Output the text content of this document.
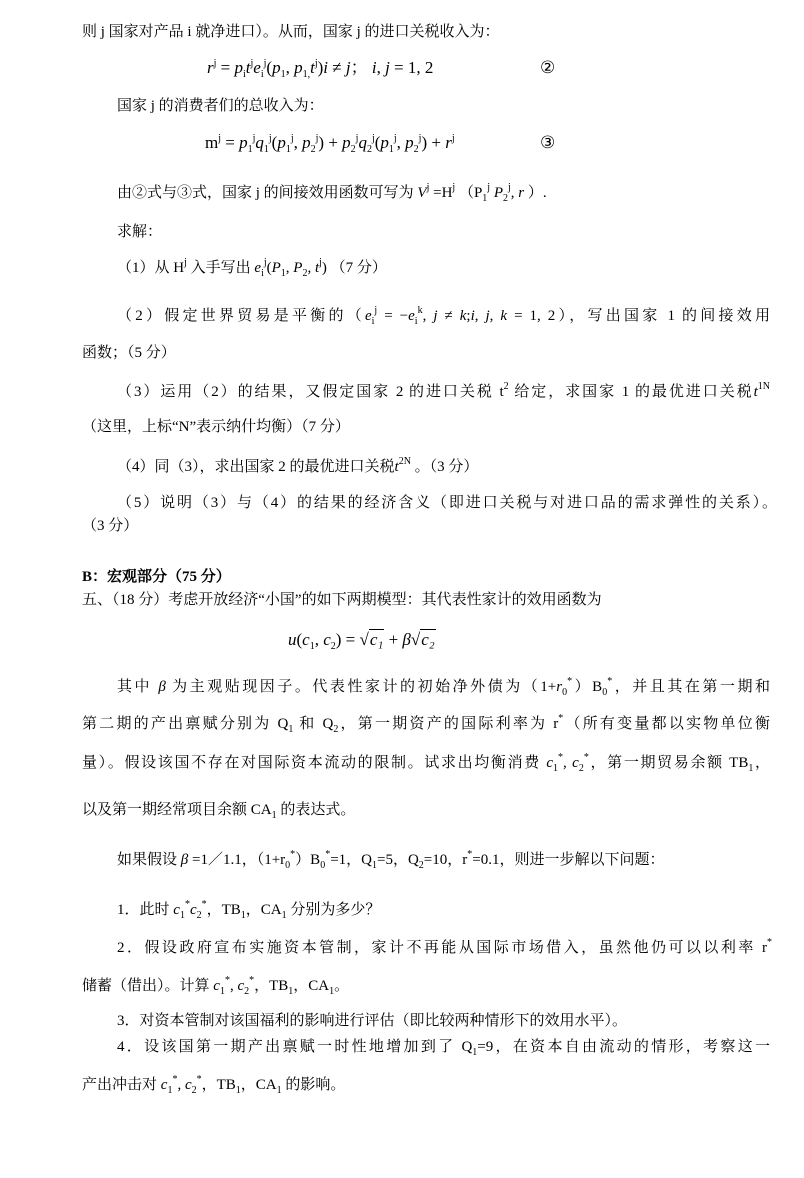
则 j 国家对产品 i 就净进口）。从而，国家 j 的进口关税收入为：
$r^j = p_it^je_i^j(p_1$, $p_{1,}t^j)i \ne j$； i, j = 1, 2	②
国家 j 的消费者们的总收入为：
$m^j = p_1^jq_1^j(p_1^j$, $p_2^j) + p_2^jq_2^j(p_1^j$, $p_2^j) + r^j$	③
由②式与③式，国家 j 的间接效用函数可写为 $V^j =H^j$ （$P_1^j$ $P_2^j$, r ）.
求解：
（1）从 $H^j$ 入手写出 $e_i^j(P_1$, $P_2$, $t^j$) （7 分）
（2）假定世界贸易是平衡的（$e_i^j = -e_i^k$, j ≠ k;i, j, k = 1, 2），写出国家 1 的间接效用
函数；（5 分）
（3）运用（2）的结果，又假定国家 2 的进口关税 $t^2$ 给定，求国家 1 的最优进口关税$t^{1N}$
（这里，上标“N”表示纳什均衡）（7 分）
（4）同（3），求出国家 2 的最优进口关税$t^{2N}$ 。（3 分）
（5）说明（3）与（4）的结果的经济含义（即进口关税与对进口品的需求弹性的关系）。
（3 分）
B：宏观部分（75 分）
五、（18 分）考虑开放经济“小国”的如下两期模型：其代表性家计的效用函数为
$u(c_1$, $c_2) = √c_1 + \beta√c_2$
其中 β 为主观贴现因子。代表性家计的初始净外债为$(1+r_0^*)B_0^*$，并且其在第一期和
第二期的产出禀赋分别为 $Q_1$ 和 $Q_2$，第一期资产的国际利率为 r*（所有变量都以实物单位衡
量）。假设该国不存在对国际资本流动的限制。试求出均衡消费 $c_1^*$, $c_2^*$，第一期贸易余额 $TB_1$，
以及第一期经常项目余额 $CA_1$ 的表达式。
如果假设 β =1／1.1，$(1+r_0^*)B_0^*=1$，$Q_1=5$，$Q_2=10$，r*=0.1，则进一步解以下问题：
1．此时 $c_1^*c_2^*$，$TB_1$，$CA_1$ 分别为多少？
2．假设政府宣布实施资本管制，家计不再能从国际市场借入，虽然他仍可以以利率 r*
储蓄（借出）。计算 $c_1^*$, $c_2^*$，$TB_1$，$CA_1$。
3．对资本管制对该国福利的影响进行评估（即比较两种情形下的效用水平）。
4．设该国第一期产出禀赋一时性地增加到了 $Q_1=9$，在资本自由流动的情形，考察这一
产出冲击对 $c_1^*$, $c_2^*$，$TB_1$，$CA_1$ 的影响。
